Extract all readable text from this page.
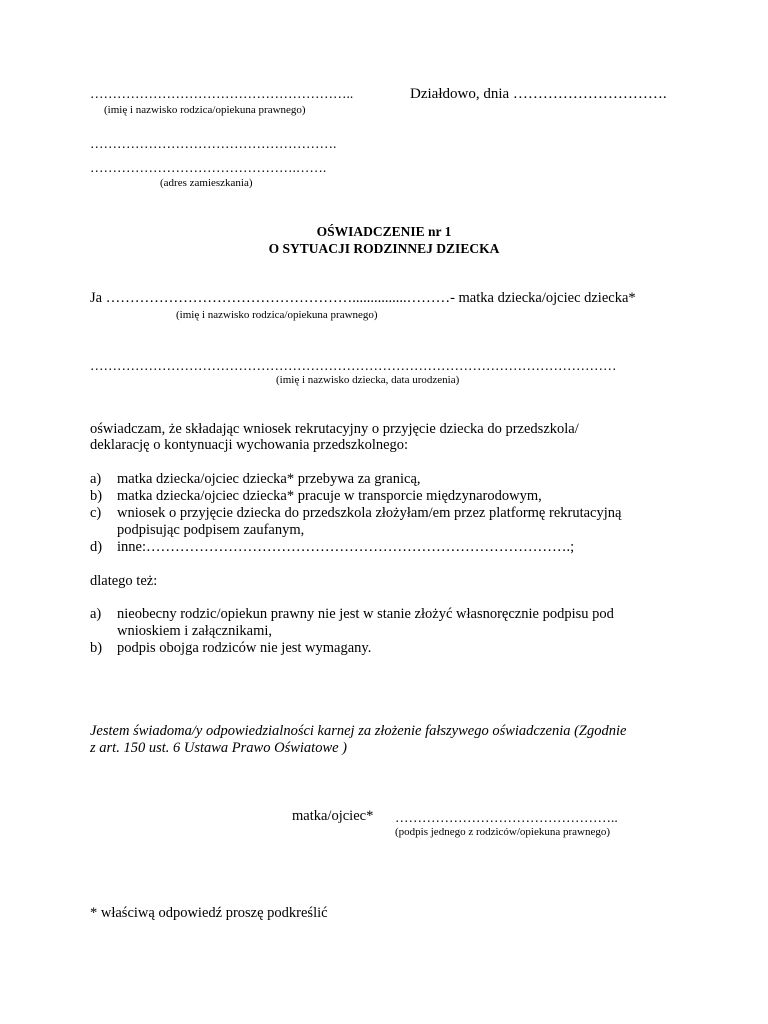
…………………………………………………..
(imię i nazwisko rodzica/opiekuna prawnego)
Działdowo, dnia ………………………….
……………………………………………….
……………………………………….…….
(adres zamieszkania)
OŚWIADCZENIE nr 1
O SYTUACJI RODZINNEJ DZIECKA
Ja ……………………………………………...............………- matka dziecka/ojciec dziecka*
(imię i nazwisko rodzica/opiekuna prawnego)
………………………………………………………………………………………………………
(imię i nazwisko dziecka, data urodzenia)
oświadczam, że składając wniosek rekrutacyjny o przyjęcie dziecka do przedszkola/
deklarację o kontynuacji wychowania przedszkolnego:
a) matka dziecka/ojciec dziecka* przebywa za granicą,
b) matka dziecka/ojciec dziecka* pracuje w transporcie międzynarodowym,
c) wniosek o przyjęcie dziecka do przedszkola złożyłam/em przez platformę rekrutacyjną
podpisując podpisem zaufanym,
d) inne:…………………………………………………………………………….;
dlatego też:
a) nieobecny rodzic/opiekun prawny nie jest w stanie złożyć własnoręcznie podpisu pod
wnioskiem i załącznikami,
b) podpis obojga rodziców nie jest wymagany.
Jestem świadoma/y odpowiedzialności karnej za złożenie fałszywego oświadczenia (Zgodnie
z art. 150 ust. 6 Ustawa Prawo Oświatowe )
matka/ojciec* …………………………………………..
(podpis jednego z rodziców/opiekuna prawnego)
* właściwą odpowiedź proszę podkreślić
